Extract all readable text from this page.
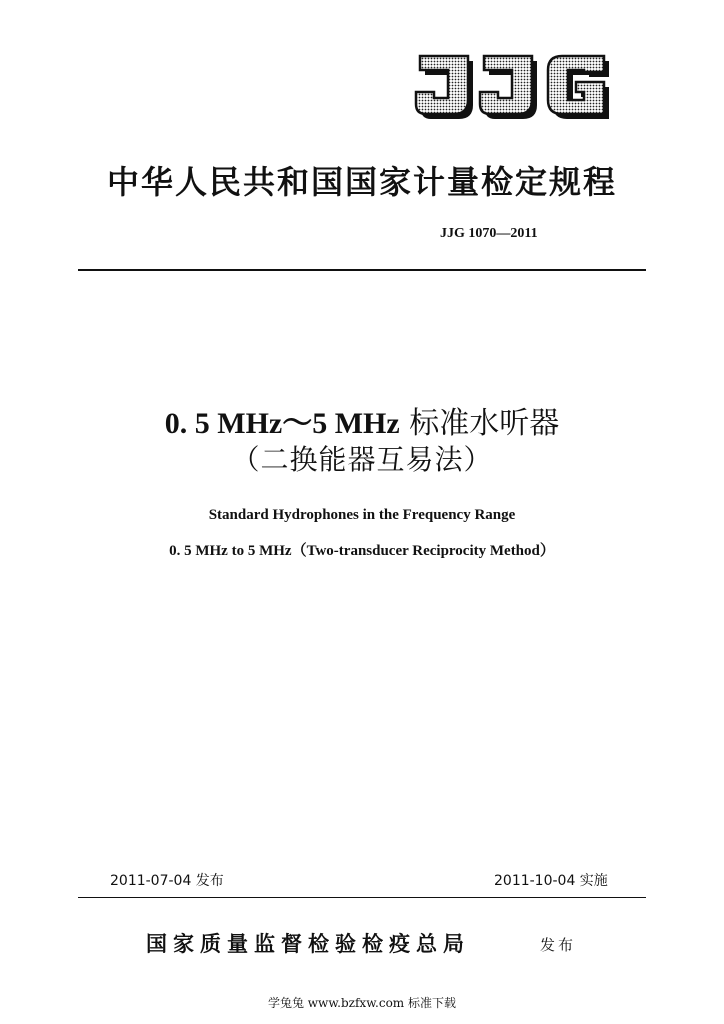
中华人民共和国国家计量检定规程
JJG 1070—2011
0. 5 MHz～5 MHz 标准水听器
（二换能器互易法）
Standard Hydrophones in the Frequency Range
0. 5 MHz to 5 MHz（Two-transducer Reciprocity Method）
2011-07-04 发布	2011-10-04 实施
国家质量监督检验检疫总局	发布
学兔兔 www.bzfxw.com 标准下载
